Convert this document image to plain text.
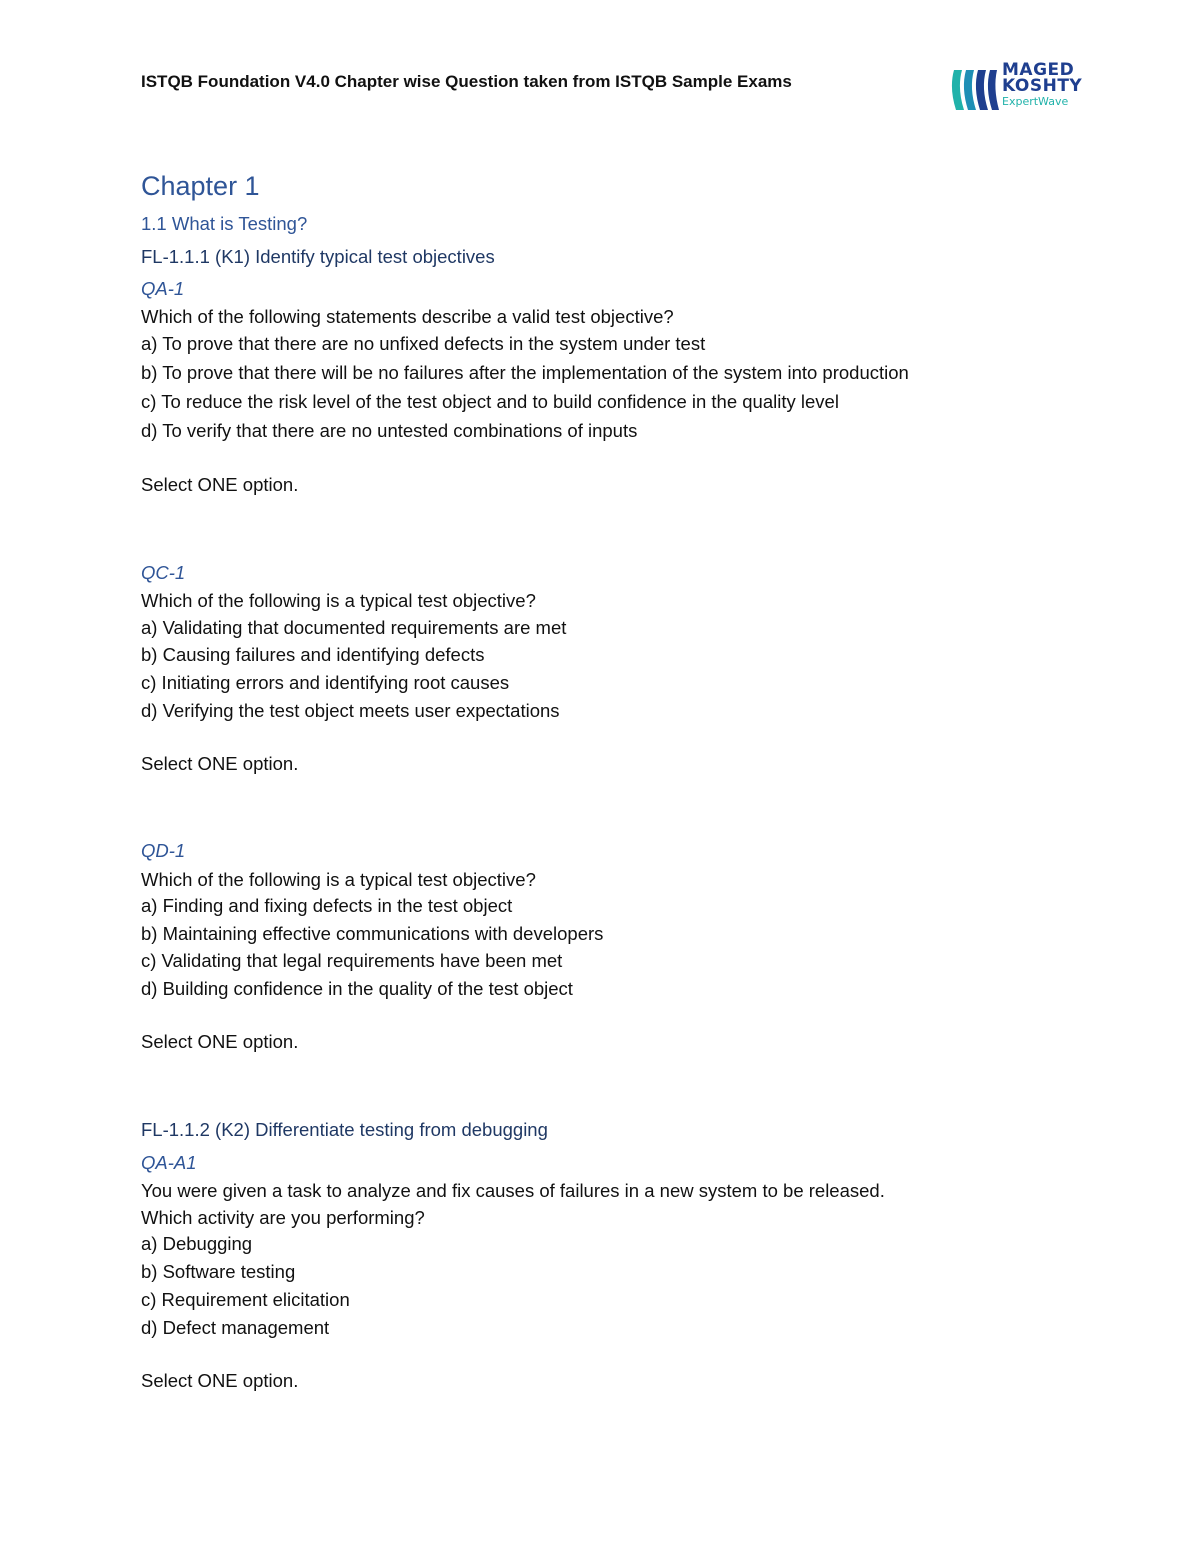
ISTQB Foundation V4.0 Chapter wise Question taken from ISTQB Sample Exams
MAGED
KOSHTY
ExpertWave
Chapter 1
1.1 What is Testing?
FL-1.1.1 (K1) Identify typical test objectives
QA-1
Which of the following statements describe a valid test objective?
a) To prove that there are no unfixed defects in the system under test
b) To prove that there will be no failures after the implementation of the system into production
c) To reduce the risk level of the test object and to build confidence in the quality level
d) To verify that there are no untested combinations of inputs
Select ONE option.
QC-1
Which of the following is a typical test objective?
a) Validating that documented requirements are met
b) Causing failures and identifying defects
c) Initiating errors and identifying root causes
d) Verifying the test object meets user expectations
Select ONE option.
QD-1
Which of the following is a typical test objective?
a) Finding and fixing defects in the test object
b) Maintaining effective communications with developers
c) Validating that legal requirements have been met
d) Building confidence in the quality of the test object
Select ONE option.
FL-1.1.2 (K2) Differentiate testing from debugging
QA-A1
You were given a task to analyze and fix causes of failures in a new system to be released.
Which activity are you performing?
a) Debugging
b) Software testing
c) Requirement elicitation
d) Defect management
Select ONE option.
